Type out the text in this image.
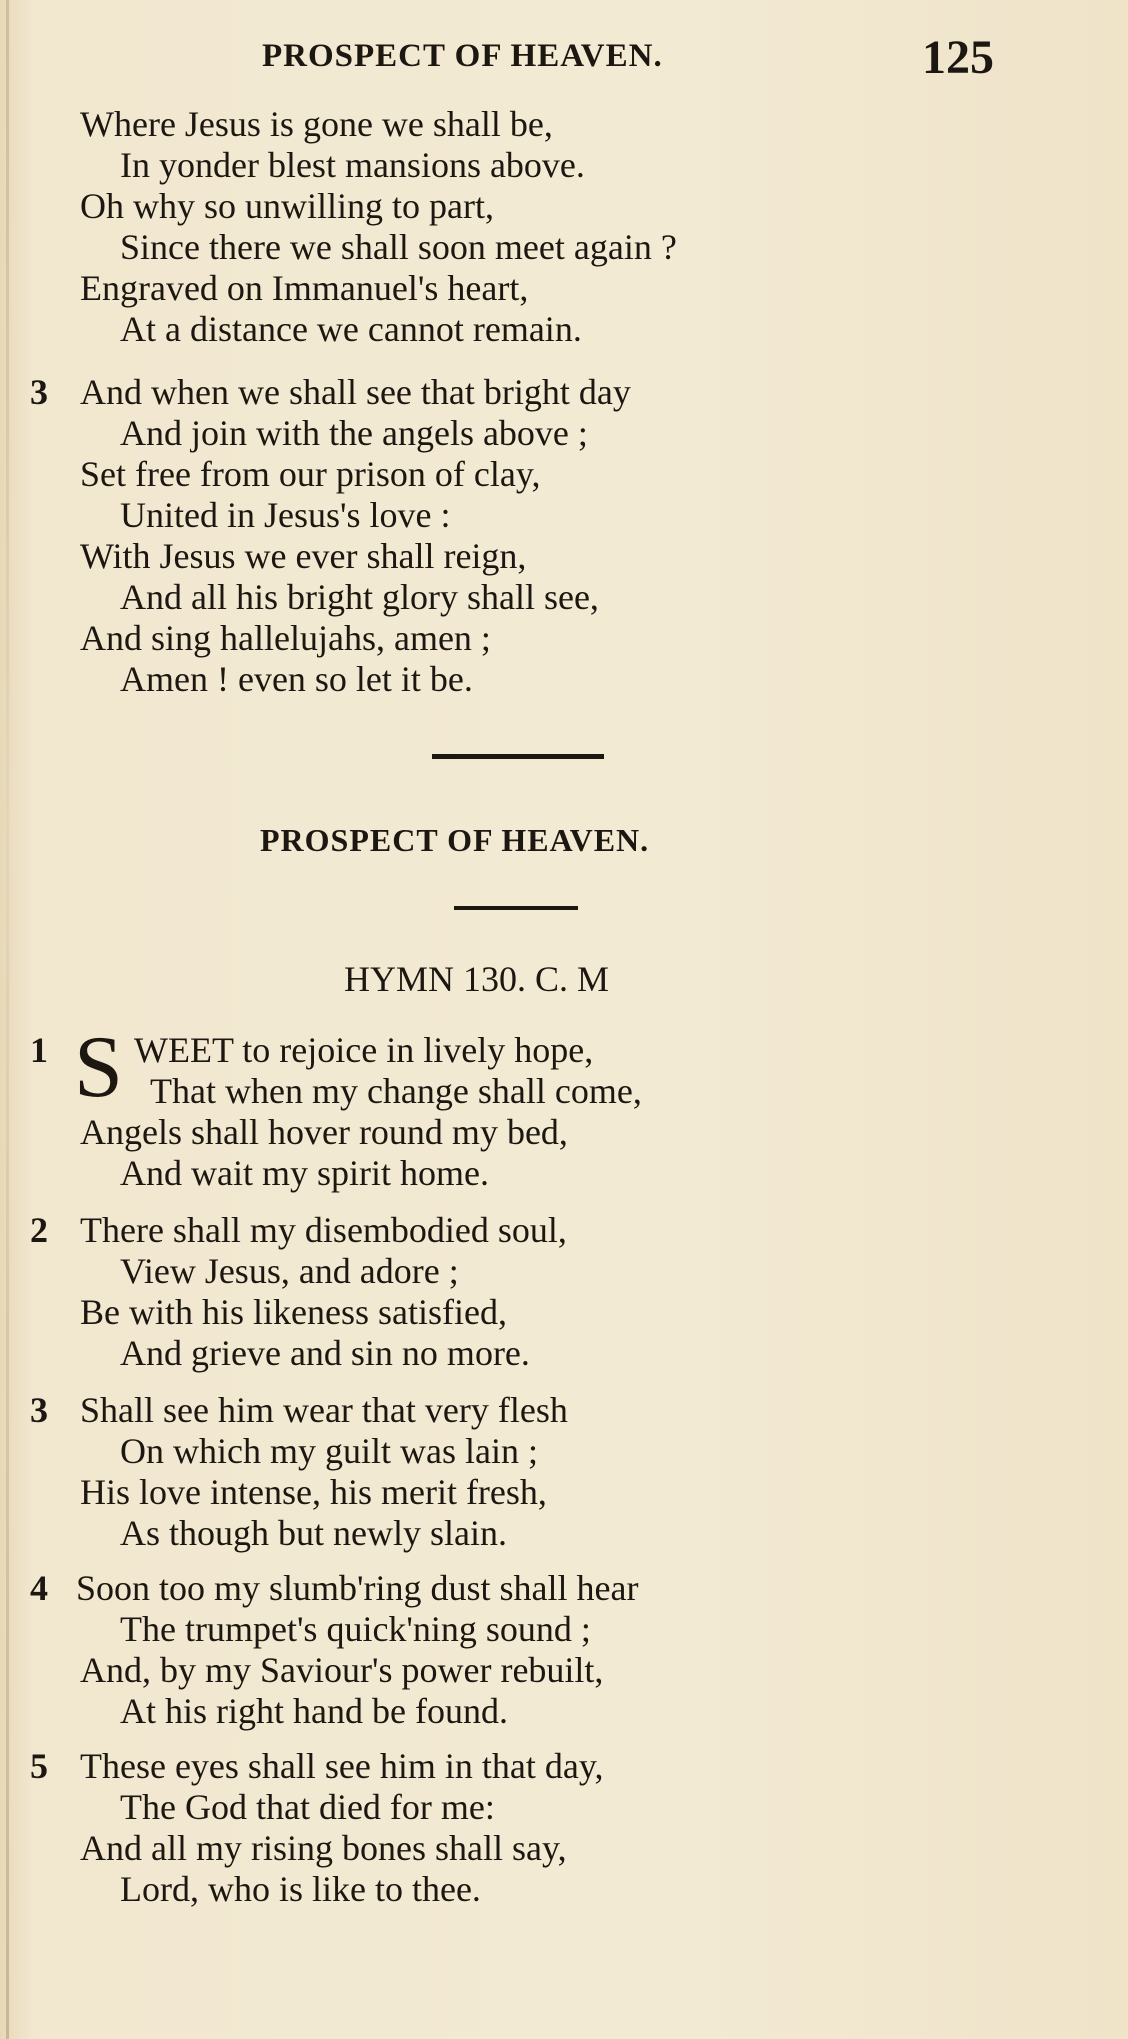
PROSPECT OF HEAVEN.	125
Where Jesus is gone we shall be,
In yonder blest mansions above.
Oh why so unwilling to part,
Since there we shall soon meet again ?
Engraved on Immanuel's heart,
At a distance we cannot remain.
3 And when we shall see that bright day
And join with the angels above ;
Set free from our prison of clay,
United in Jesus's love :
With Jesus we ever shall reign,
And all his bright glory shall see,
And sing hallelujahs, amen ;
Amen ! even so let it be.
PROSPECT OF HEAVEN.
HYMN 130. C. M
1 S WEET to rejoice in lively hope,
That when my change shall come,
Angels shall hover round my bed,
And wait my spirit home.
2 There shall my disembodied soul,
View Jesus, and adore ;
Be with his likeness satisfied,
And grieve and sin no more.
3 Shall see him wear that very flesh
On which my guilt was lain ;
His love intense, his merit fresh,
As though but newly slain.
4 Soon too my slumb'ring dust shall hear
The trumpet's quick'ning sound ;
And, by my Saviour's power rebuilt,
At his right hand be found.
5 These eyes shall see him in that day,
The God that died for me:
And all my rising bones shall say,
Lord, who is like to thee.
